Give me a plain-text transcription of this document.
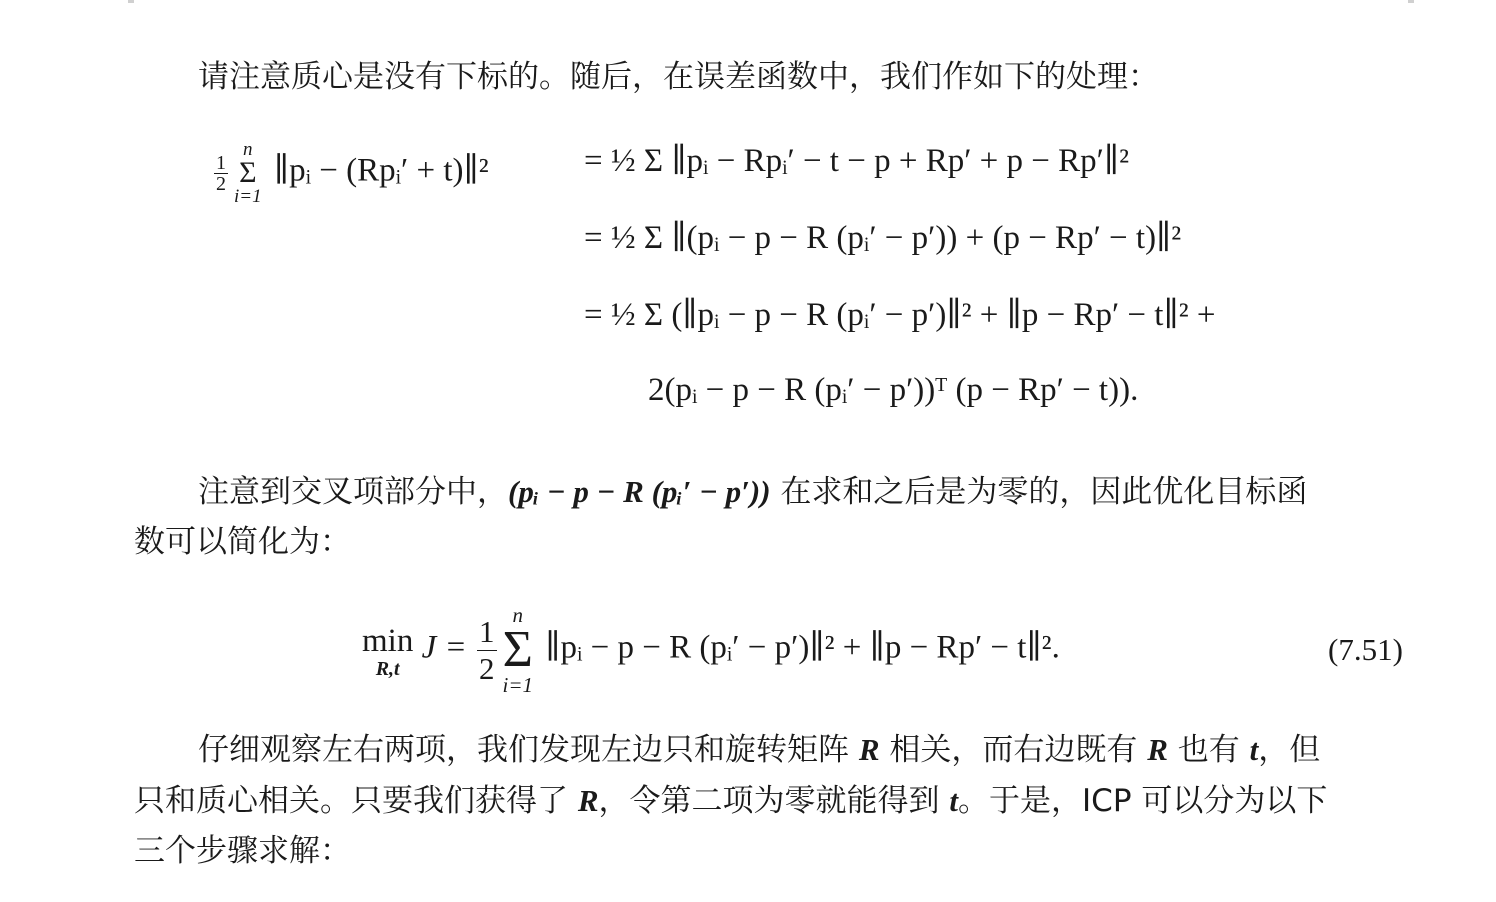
请注意质心是没有下标的。随后，在误差函数中，我们作如下的处理：

$\frac{1}{2}$
n
Σ
i=1
∥pᵢ − (Rpᵢ′ + t)∥²	= ½ Σ ∥pᵢ − Rpᵢ′ − t − p + Rp′ + p − Rp′∥²
= ½ Σ ∥(pᵢ − p − R (pᵢ′ − p′)) + (p − Rp′ − t)∥²
= ½ Σ (∥pᵢ − p − R (pᵢ′ − p′)∥² + ∥p − Rp′ − t∥² +
2(pᵢ − p − R (pᵢ′ − p′))ᵀ (p − Rp′ − t)).

注意到交叉项部分中，(pᵢ − p − R (pᵢ′ − p′)) 在求和之后是为零的，因此优化目标函

数可以简化为：

min
R,t
$J = \frac{1}{2}$ n
Σ
i=1
∥pᵢ − p − R (pᵢ′ − p′)∥² + ∥p − Rp′ − t∥².	(7.51)

仔细观察左右两项，我们发现左边只和旋转矩阵 R 相关，而右边既有 R 也有 t，但

只和质心相关。只要我们获得了 R，令第二项为零就能得到 t。于是，ICP 可以分为以下

三个步骤求解：
